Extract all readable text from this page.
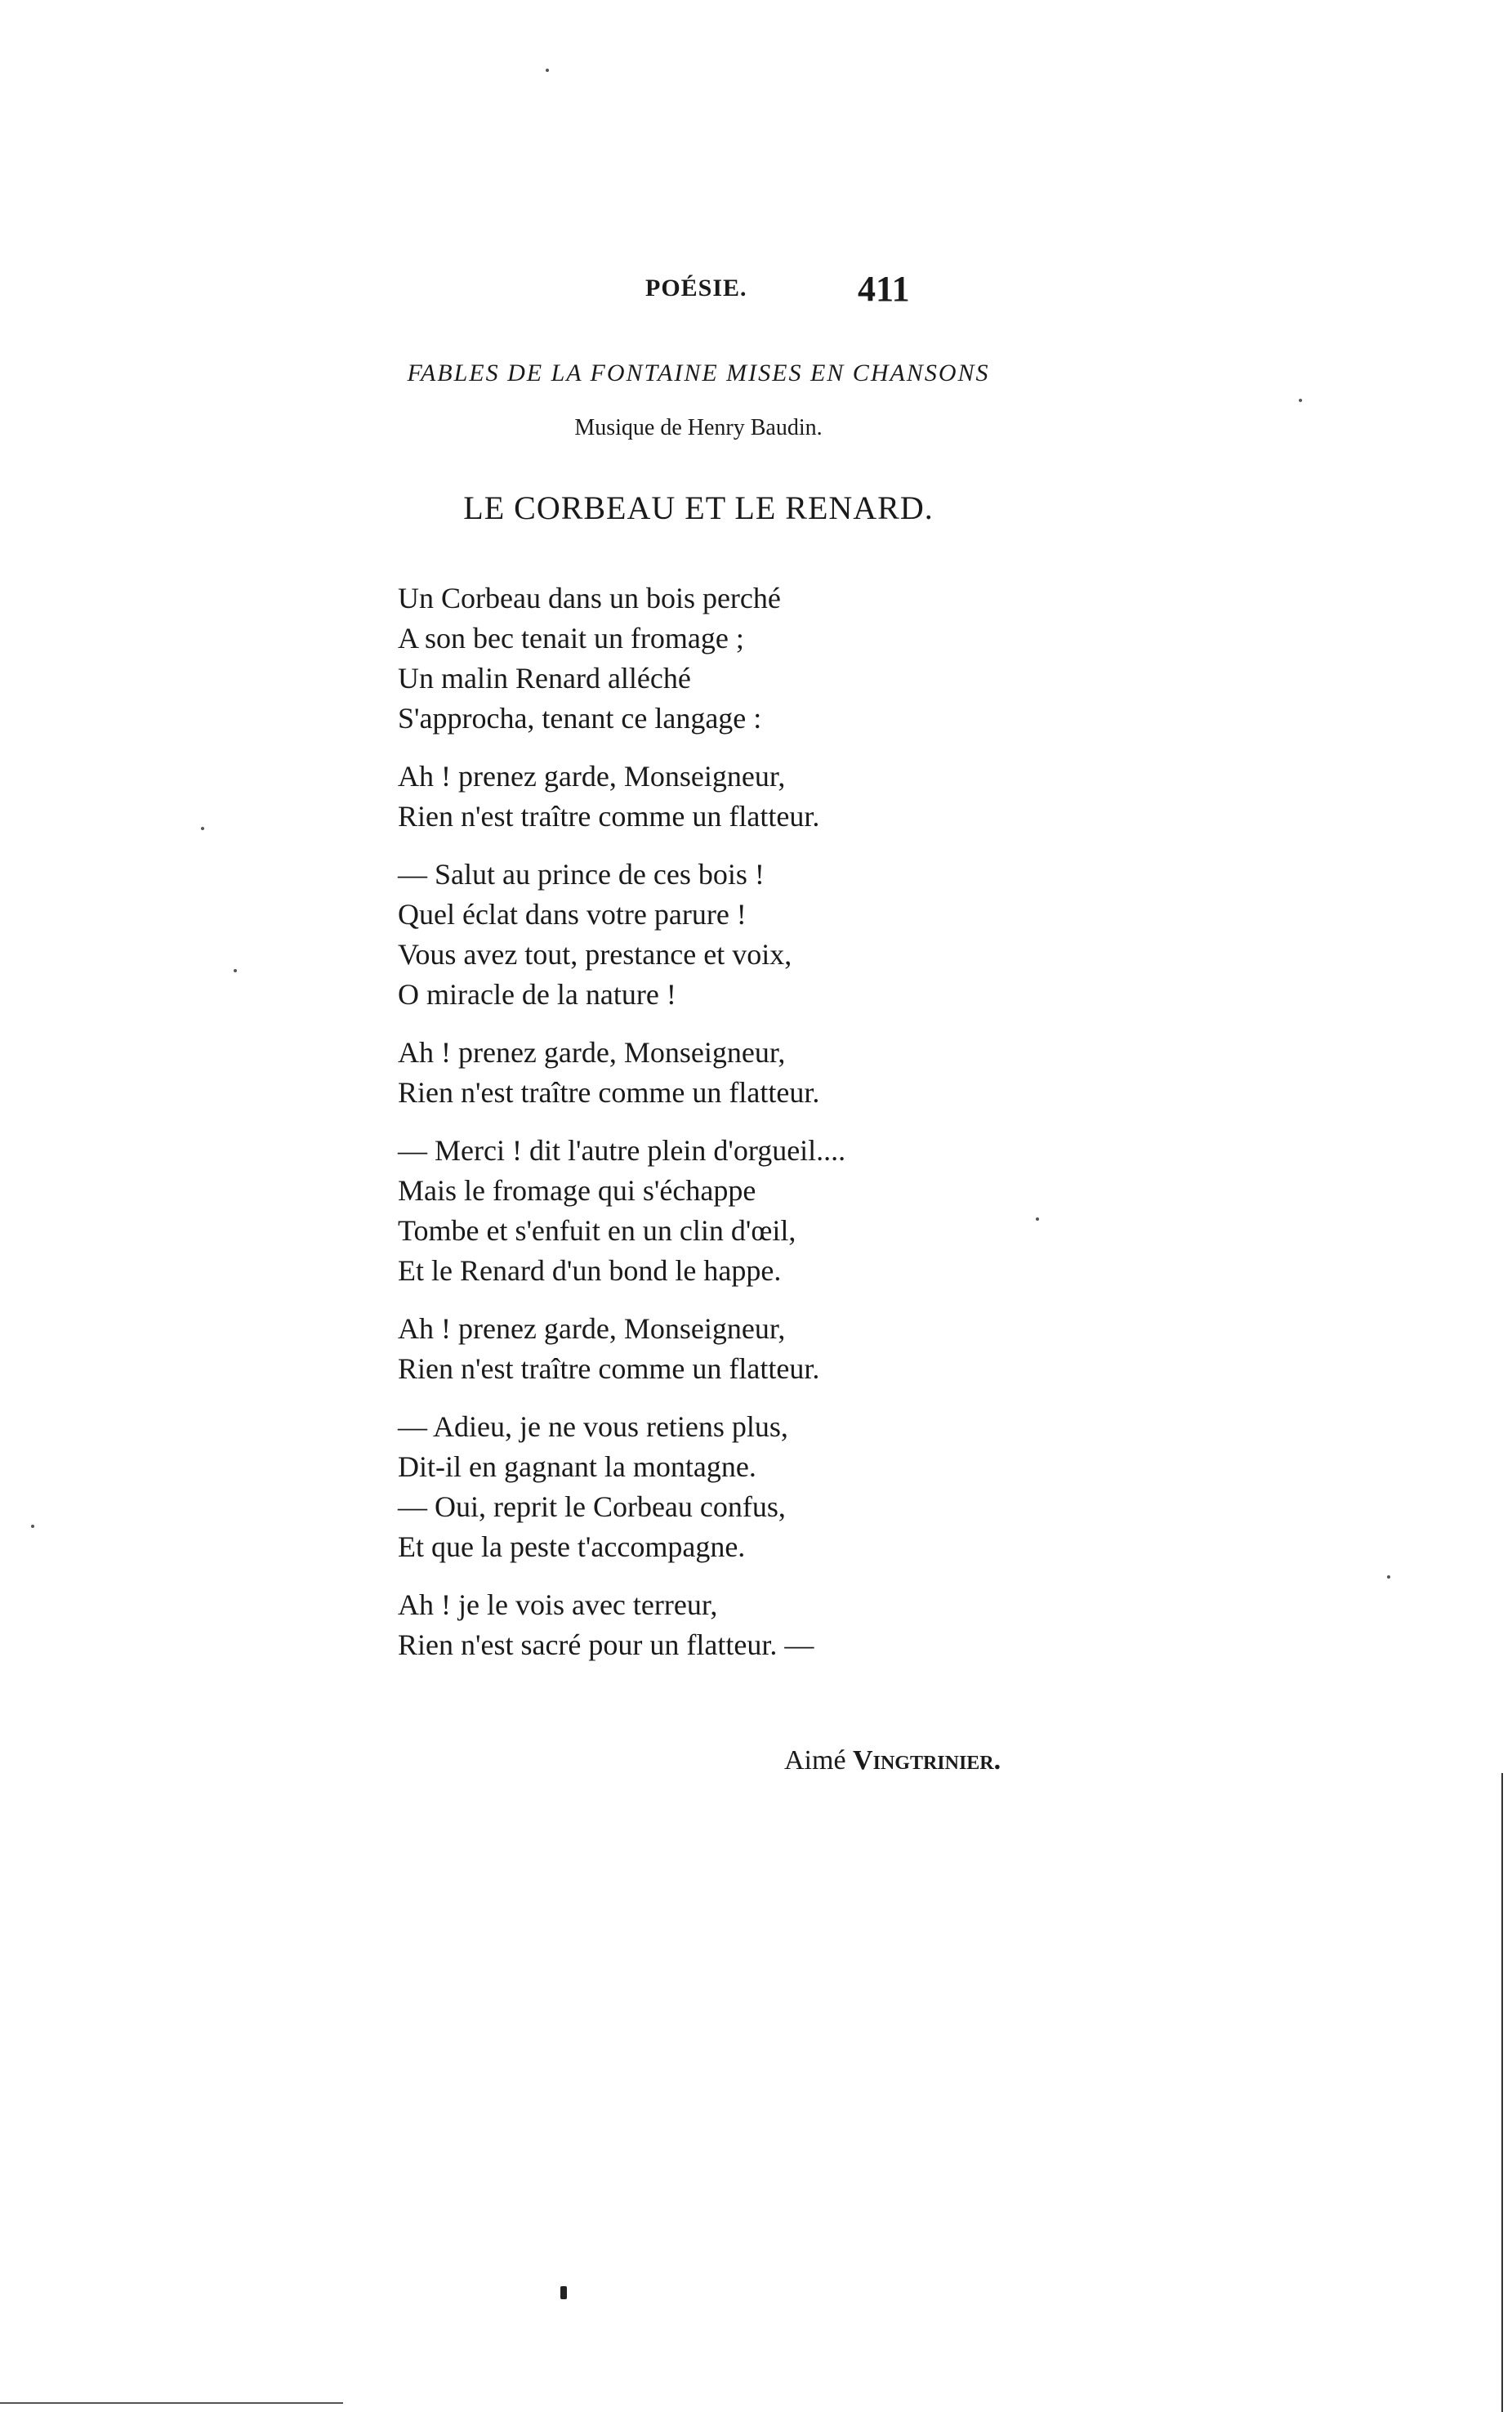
POÉSIE.	411
FABLES DE LA FONTAINE MISES EN CHANSONS
Musique de Henry Baudin.
LE CORBEAU ET LE RENARD.
Un Corbeau dans un bois perché
A son bec tenait un fromage ;
Un malin Renard alléché
S'approcha, tenant ce langage :
Ah ! prenez garde, Monseigneur,
Rien n'est traître comme un flatteur.
— Salut au prince de ces bois !
Quel éclat dans votre parure !
Vous avez tout, prestance et voix,
O miracle de la nature !
Ah ! prenez garde, Monseigneur,
Rien n'est traître comme un flatteur.
— Merci ! dit l'autre plein d'orgueil....
Mais le fromage qui s'échappe
Tombe et s'enfuit en un clin d'œil,
Et le Renard d'un bond le happe.
Ah ! prenez garde, Monseigneur,
Rien n'est traître comme un flatteur.
— Adieu, je ne vous retiens plus,
Dit-il en gagnant la montagne.
— Oui, reprit le Corbeau confus,
Et que la peste t'accompagne.
Ah ! je le vois avec terreur,
Rien n'est sacré pour un flatteur. —
Aimé Vingtrinier.
